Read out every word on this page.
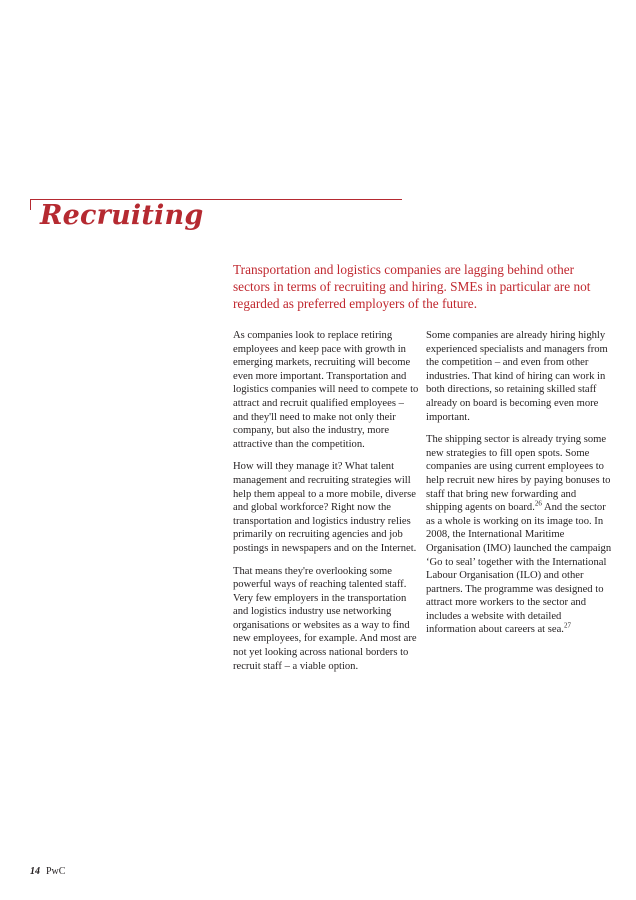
Recruiting

Transportation and logistics companies are lagging behind other sectors in terms of recruiting and hiring. SMEs in particular are not regarded as preferred employers of the future.

As companies look to replace retiring employees and keep pace with growth in emerging markets, recruiting will become even more important. Transportation and logistics companies will need to compete to attract and recruit qualified employees – and they'll need to make not only their company, but also the industry, more attractive than the competition.

How will they manage it? What talent management and recruiting strategies will help them appeal to a more mobile, diverse and global workforce? Right now the transportation and logistics industry relies primarily on recruiting agencies and job postings in newspapers and on the Internet.

That means they're overlooking some powerful ways of reaching talented staff. Very few employers in the transportation and logistics industry use networking organisations or websites as a way to find new employees, for example. And most are not yet looking across national borders to recruit staff – a viable option.

Some companies are already hiring highly experienced specialists and managers from the competition – and even from other industries. That kind of hiring can work in both directions, so retaining skilled staff already on board is becoming even more important.

The shipping sector is already trying some new strategies to fill open spots. Some companies are using current employees to help recruit new hires by paying bonuses to staff that bring new forwarding and shipping agents on board.$^{26}$ And the sector as a whole is working on its image too. In 2008, the International Maritime Organisation (IMO) launched the campaign ‘Go to seal’ together with the International Labour Organisation (ILO) and other partners. The programme was designed to attract more workers to the sector and includes a website with detailed information about careers at sea.$^{27}$

14 PwC
